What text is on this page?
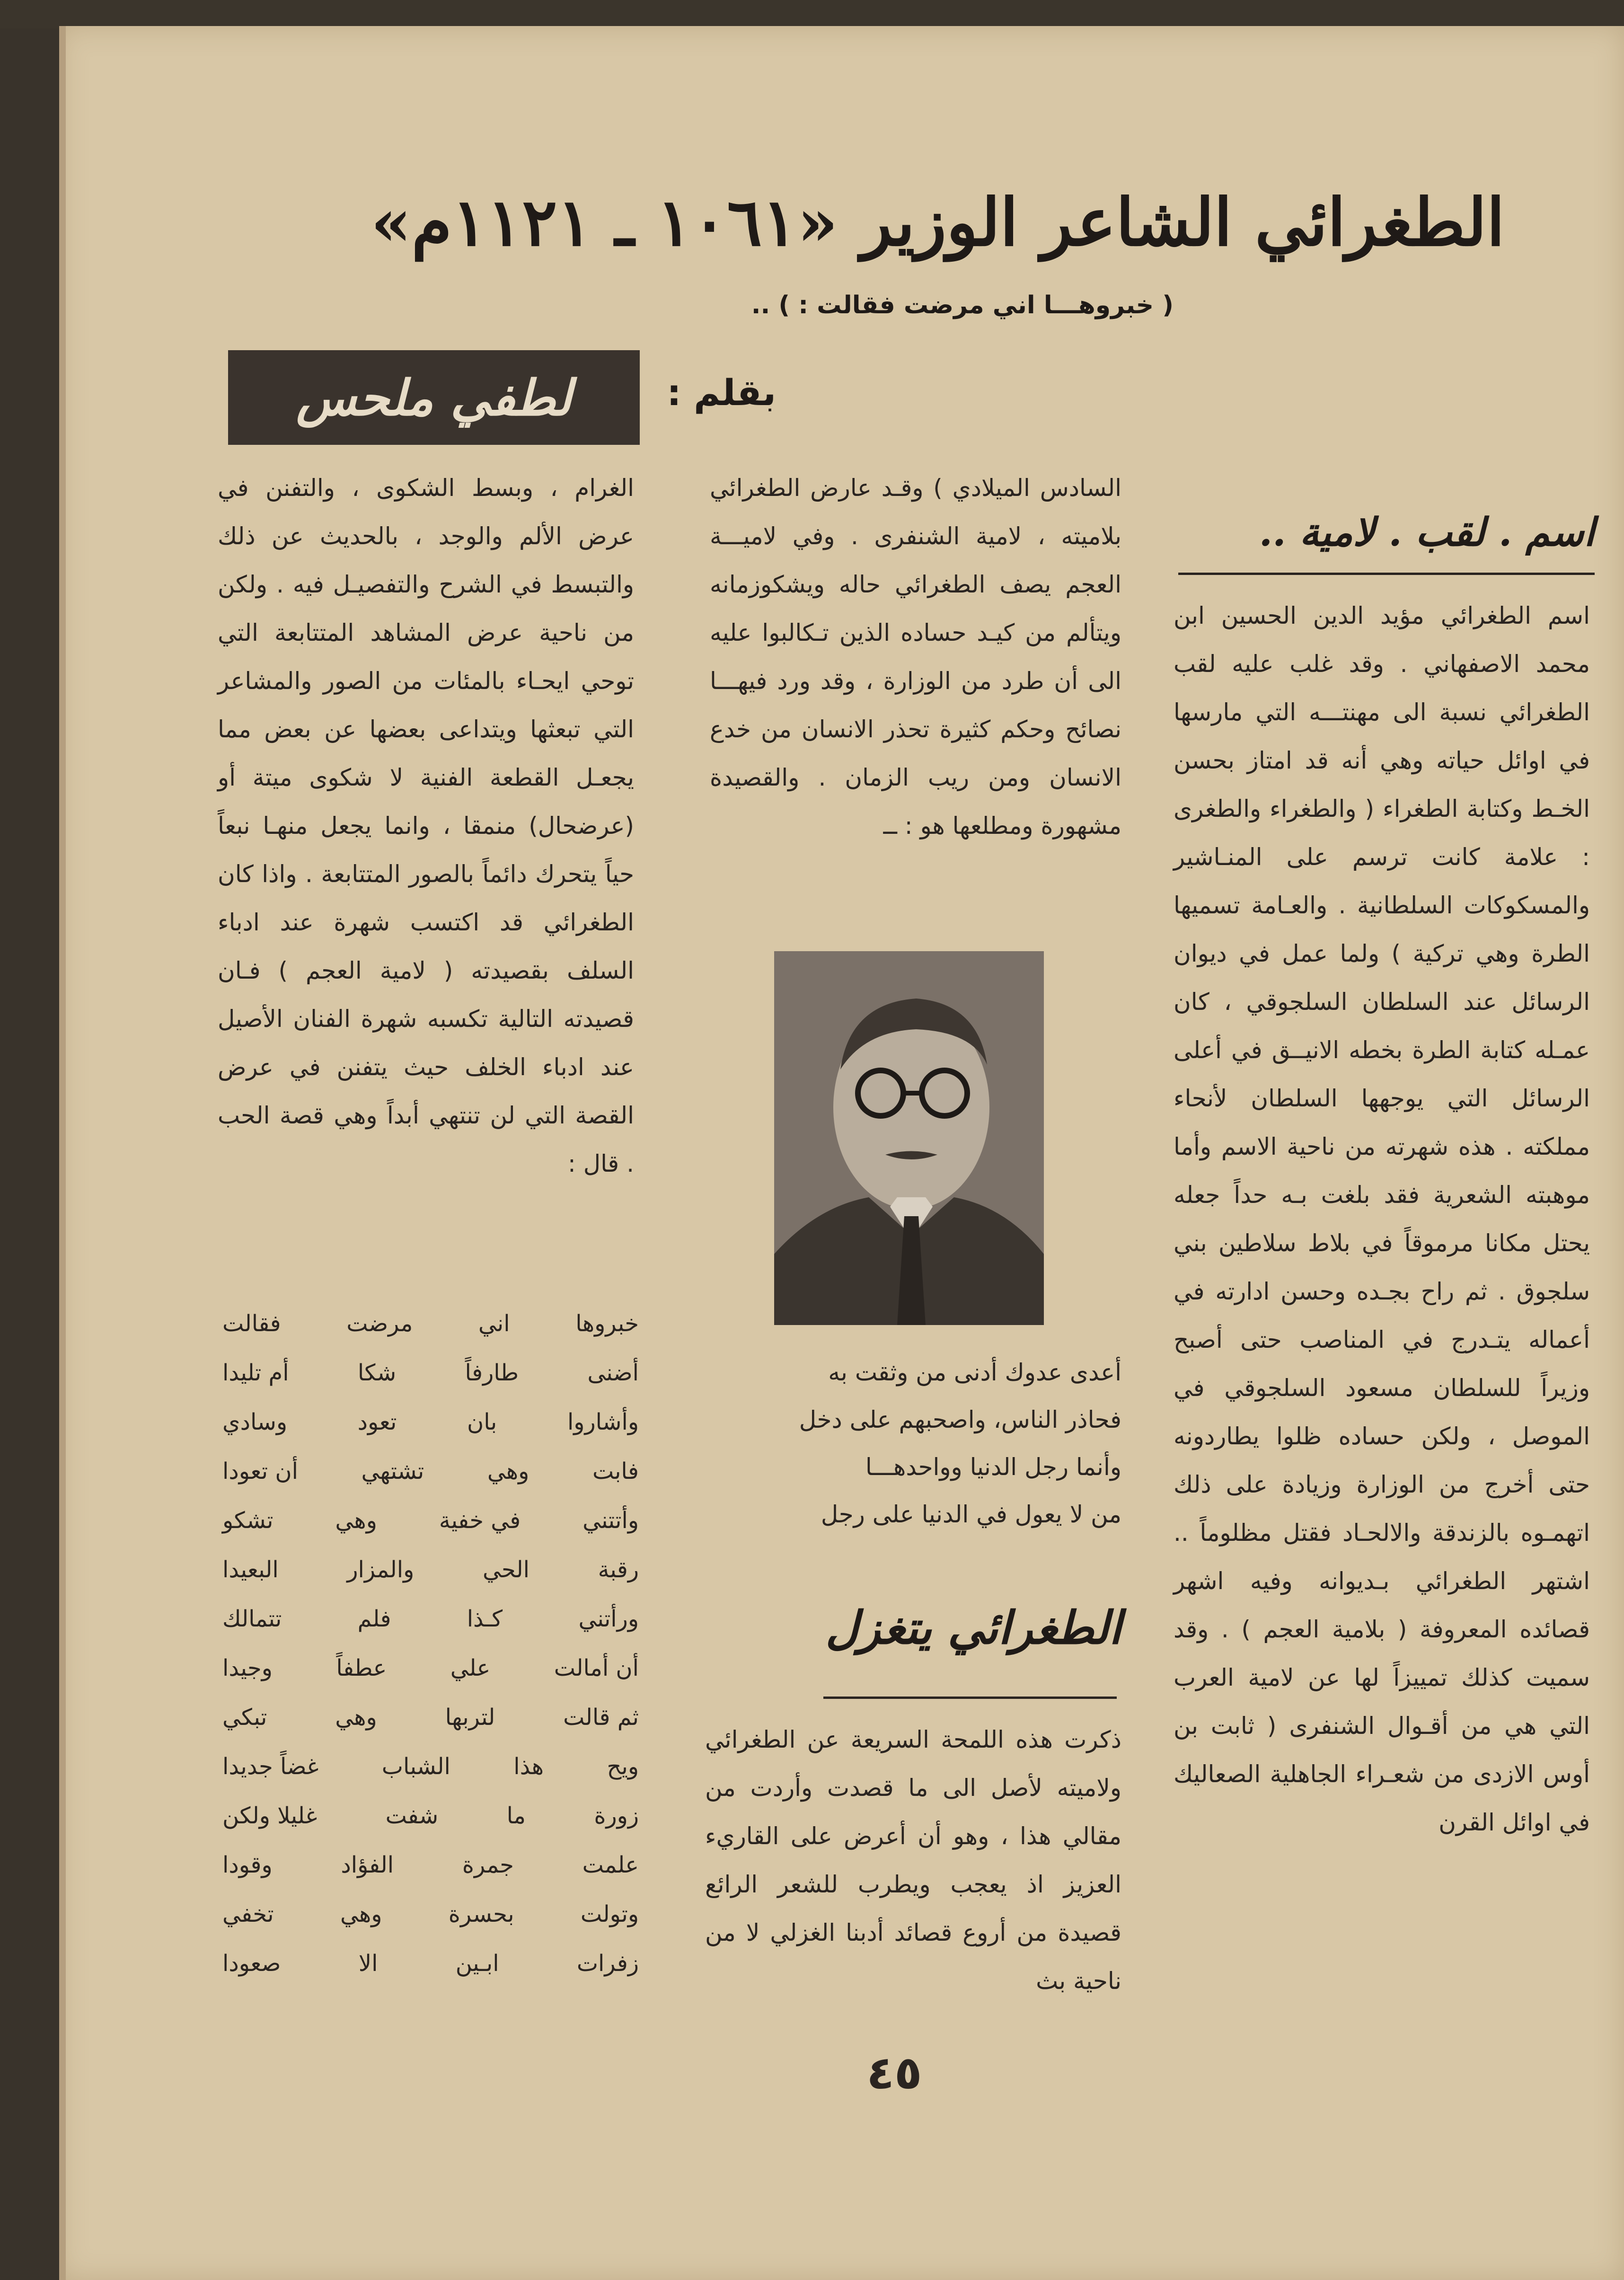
الطغرائي الشاعر الوزير «١٠٦١ ـ ١١٢١م»
( خبروهـــا اني مرضت فقالت : ) ..
بقلم :
لطفي ملحس
اسم . لقب . لامية ..

اسم الطغرائي مؤيد الدين الحسين ابن محمد الاصفهاني . وقد غلب عليه لقب الطغرائي نسبة الى مهنتـــه التي مارسها في اوائل حياته وهي أنه قد امتاز بحسن الخـط وكتابة الطغراء ( والطغراء والطغرى : علامة كانت ترسم على المنـاشير والمسكوكات السلطانية . والعـامة تسميها الطرة وهي تركية ) ولما عمل في ديوان الرسائل عند السلطان السلجوقي ، كان عمـله كتابة الطرة بخطه الانيــق في أعلى الرسائل التي يوجهها السلطان لأنحاء مملكته . هذه شهرته من ناحية الاسم وأما موهبته الشعرية فقد بلغت بـه حداً جعله يحتل مكانا مرموقاً في بلاط سلاطين بني سلجوق . ثم راح بجـده وحسن ادارته في أعماله يتـدرج في المناصب حتى أصبح وزيراً للسلطان مسعود السلجوقي في الموصل ، ولكن حساده ظلوا يطاردونه حتى أخرج من الوزارة وزيادة على ذلك اتهمـوه بالزندقة والالحـاد فقتل مظلوماً .. اشتهر الطغرائي بـديوانه وفيه اشهر قصائده المعروفة ( بلامية العجم ) . وقد سميت كذلك تمييزاً لها عن لامية العرب التي هي من أقـوال الشنفرى ( ثابت بن أوس الازدى من شعـراء الجاهلية الصعاليك في اوائل القرن

السادس الميلادي ) وقـد عارض الطغرائي بلاميته ، لامية الشنفرى . وفي لاميـــة العجم يصف الطغرائي حاله ويشكوزمانه ويتألم من كيـد حساده الذين تـكالبوا عليه الى أن طرد من الوزارة ، وقد ورد فيهـــا نصائح وحكم كثيرة تحذر الانسان من خدع الانسان ومن ريب الزمان . والقصيدة مشهورة ومطلعها هو : ــ

أعدى عدوك أدنى من وثقت به
فحاذر الناس، واصحبهم على دخل
وأنما رجل الدنيا وواحدهـــا
من لا يعول في الدنيا على رجل
الطغرائي يتغزل

ذكرت هذه اللمحة السريعة عن الطغرائي ولاميته لأصل الى ما قصدت وأردت من مقالي هذا ، وهو أن أعرض على القاريء العزيز اذ يعجب ويطرب للشعر الرائع قصيدة من أروع قصائد أدبنا الغزلي لا من ناحية بث

الغرام ، وبسط الشكوى ، والتفنن في عرض الألم والوجد ، بالحديث عن ذلك والتبسط في الشرح والتفصيـل فيه . ولكن من ناحية عرض المشاهد المتتابعة التي توحي ايحـاء بالمئات من الصور والمشاعر التي تبعثها ويتداعى بعضها عن بعض مما يجعـل القطعة الفنية لا شكوى ميتة أو (عرضحال) منمقا ، وانما يجعل منهـا نبعاً حياً يتحرك دائماً بالصور المتتابعة . واذا كان الطغرائي قد اكتسب شهرة عند ادباء السلف بقصيدته ( لامية العجم ) فـان قصيدته التالية تكسبه شهرة الفنان الأصيل عند ادباء الخلف حيث يتفنن في عرض القصة التي لن تنتهي أبداً وهي قصة الحب . قال :

خبروها
اني
مرضت
فقالت
أضنى
طارفاً
شكا
أم تليدا
وأشاروا
بان
تعود
وسادي
فابت
وهي
تشتهي
أن تعودا
وأتتني
في خفية
وهي
تشكو
رقبة
الحي
والمزار
البعيدا
ورأتني
كـذا
فلم
تتمالك
أن أمالت
علي
عطفاً
وجيدا
ثم قالت
لتربها
وهي
تبكي
ويح
هذا
الشباب
غضاً جديدا
زورة
ما
شفت
غليلا ولكن
علمت
جمرة
الفؤاد
وقودا
وتولت
بحسرة
وهي
تخفي
زفرات
ابـين
الا
صعودا
٤٥
